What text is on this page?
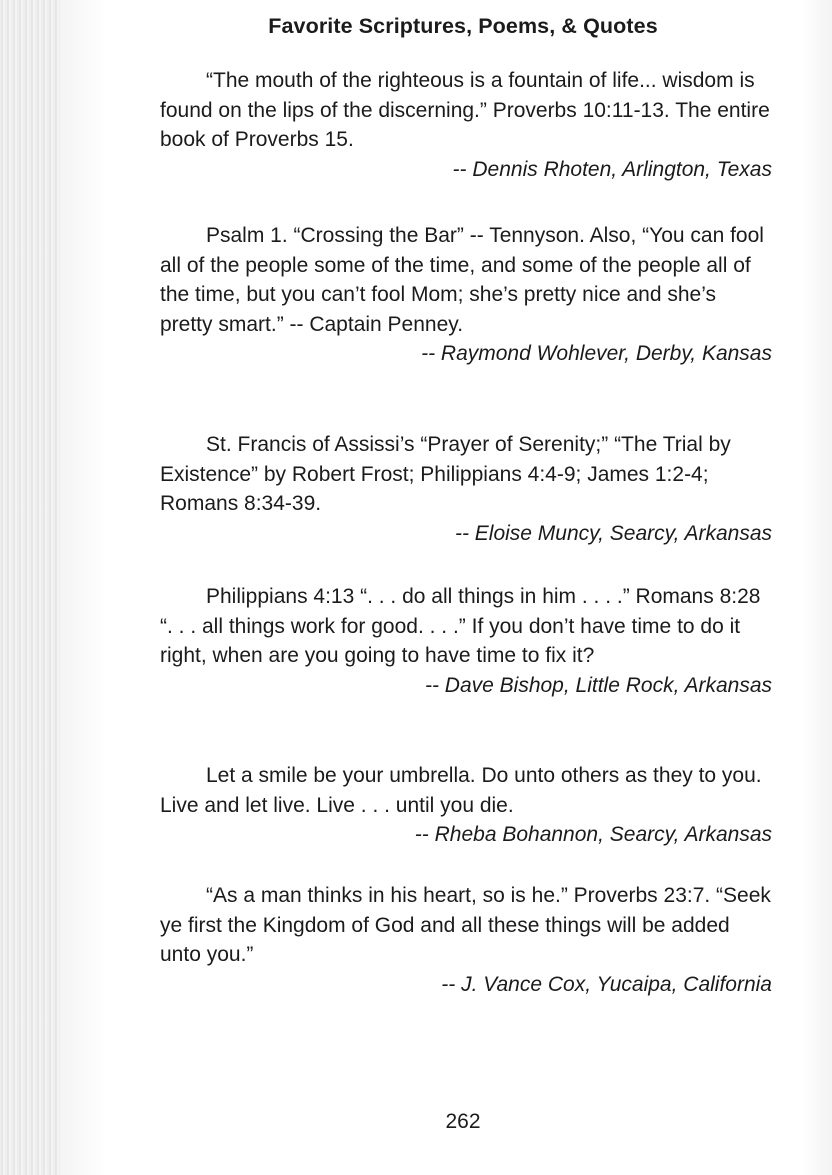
Favorite Scriptures, Poems, & Quotes

“The mouth of the righteous is a fountain of life... wisdom is found on the lips of the discerning.” Proverbs 10:11-13. The entire book of Proverbs 15.

-- Dennis Rhoten, Arlington, Texas

Psalm 1. “Crossing the Bar” -- Tennyson. Also, “You can fool all of the people some of the time, and some of the people all of the time, but you can’t fool Mom; she’s pretty nice and she’s pretty smart.” -- Captain Penney.

-- Raymond Wohlever, Derby, Kansas

St. Francis of Assissi’s “Prayer of Serenity;” “The Trial by Existence” by Robert Frost; Philippians 4:4-9; James 1:2-4; Romans 8:34-39.

-- Eloise Muncy, Searcy, Arkansas

Philippians 4:13 “. . . do all things in him . . . .” Romans 8:28 “. . . all things work for good. . . .” If you don’t have time to do it right, when are you going to have time to fix it?

-- Dave Bishop, Little Rock, Arkansas

Let a smile be your umbrella. Do unto others as they to you. Live and let live. Live . . . until you die.

-- Rheba Bohannon, Searcy, Arkansas

“As a man thinks in his heart, so is he.” Proverbs 23:7. “Seek ye first the Kingdom of God and all these things will be added unto you.”

-- J. Vance Cox, Yucaipa, California

262
